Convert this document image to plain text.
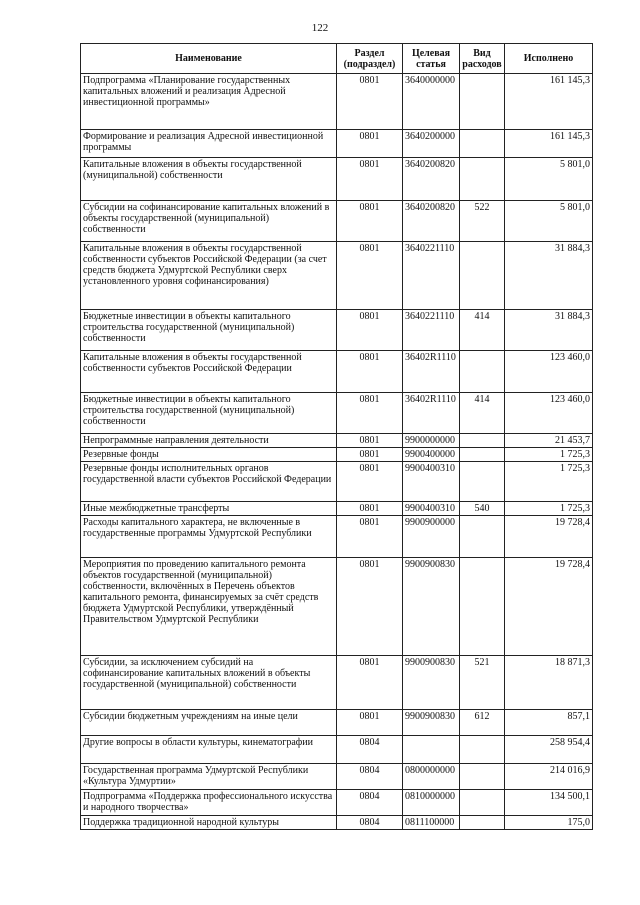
122
Наименование	Раздел (подраздел)	Целевая статья	Вид расходов	Исполнено
Подпрограмма «Планирование государственных капитальных вложений и реализация Адресной инвестиционной программы»	0801	3640000000		161 145,3
Формирование и реализация Адресной инвестиционной программы	0801	3640200000		161 145,3
Капитальные вложения в объекты государственной (муниципальной) собственности	0801	3640200820		5 801,0
Субсидии на софинансирование капитальных вложений в объекты государственной (муниципальной) собственности	0801	3640200820	522	5 801,0
Капитальные вложения в объекты государственной собственности субъектов Российской Федерации (за счет средств бюджета Удмуртской Республики сверх установленного уровня софинансирования)	0801	3640221110		31 884,3
Бюджетные инвестиции в объекты капитального строительства государственной (муниципальной) собственности	0801	3640221110	414	31 884,3
Капитальные вложения в объекты государственной собственности субъектов Российской Федерации	0801	36402R1110		123 460,0
Бюджетные инвестиции в объекты капитального строительства государственной (муниципальной) собственности	0801	36402R1110	414	123 460,0
Непрограммные направления деятельности	0801	9900000000		21 453,7
Резервные фонды	0801	9900400000		1 725,3
Резервные фонды исполнительных органов государственной власти субъектов Российской Федерации	0801	9900400310		1 725,3
Иные межбюджетные трансферты	0801	9900400310	540	1 725,3
Расходы капитального характера, не включенные в государственные программы Удмуртской Республики	0801	9900900000		19 728,4
Мероприятия по проведению капитального ремонта объектов государственной (муниципальной) собственности, включённых в Перечень объектов капитального ремонта, финансируемых за счёт средств бюджета Удмуртской Республики, утверждённый Правительством Удмуртской Республики	0801	9900900830		19 728,4
Субсидии, за исключением субсидий на софинансирование капитальных вложений в объекты государственной (муниципальной) собственности	0801	9900900830	521	18 871,3
Субсидии бюджетным учреждениям на иные цели	0801	9900900830	612	857,1
Другие вопросы в области культуры, кинематографии	0804			258 954,4
Государственная программа Удмуртской Республики «Культура Удмуртии»	0804	0800000000		214 016,9
Подпрограмма «Поддержка профессионального искусства и народного творчества»	0804	0810000000		134 500,1
Поддержка традиционной народной культуры	0804	0811100000		175,0
